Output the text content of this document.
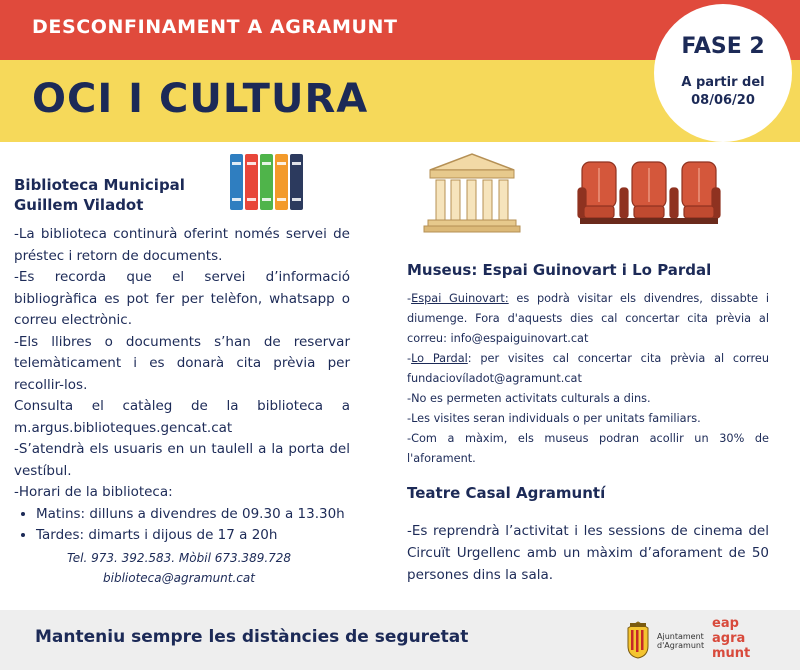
DESCONFINAMENT A AGRAMUNT
OCI I CULTURA
FASE 2
A partir del
08/06/20
Biblioteca Municipal
Guillem Viladot

-La biblioteca continurà oferint només servei de préstec i retorn de documents.

-Es recorda que el servei d’informació bibliogràfica es pot fer per telèfon, whatsapp o correu electrònic.

-Els llibres o documents s’han de reservar telemàticament i es donarà cita prèvia per recollir-los.

Consulta el catàleg de la biblioteca a m.argus.biblioteques.gencat.cat

-S’atendrà els usuaris en un taulell a la porta del vestíbul.

-Horari de la biblioteca:

• Matins: dilluns a divendres de 09.30 a 13.30h
• Tardes: dimarts i dijous de 17 a 20h
Tel. 973. 392.583. Mòbil 673.389.728
biblioteca@agramunt.cat
Museus: Espai Guinovart i Lo Pardal

-Espai Guinovart: es podrà visitar els divendres, dissabte i diumenge. Fora d'aquests dies cal concertar cita prèvia al correu: info@espaiguinovart.cat

-Lo Pardal: per visites cal concertar cita prèvia al correu fundaciovíladot@agramunt.cat

-No es permeten activitats culturals a dins.

-Les visites seran individuals o per unitats familiars.

-Com a màxim, els museus podran acollir un 30% de l'aforament.

Teatre Casal Agramuntí
-Es reprendrà l’activitat i les sessions de cinema del Circuït Urgellenc amb un màxim d’aforament de 50 persones dins la sala.
Manteniu sempre les distàncies de seguretat	Ajuntament
d'Agramunt
eap
agra
munt
